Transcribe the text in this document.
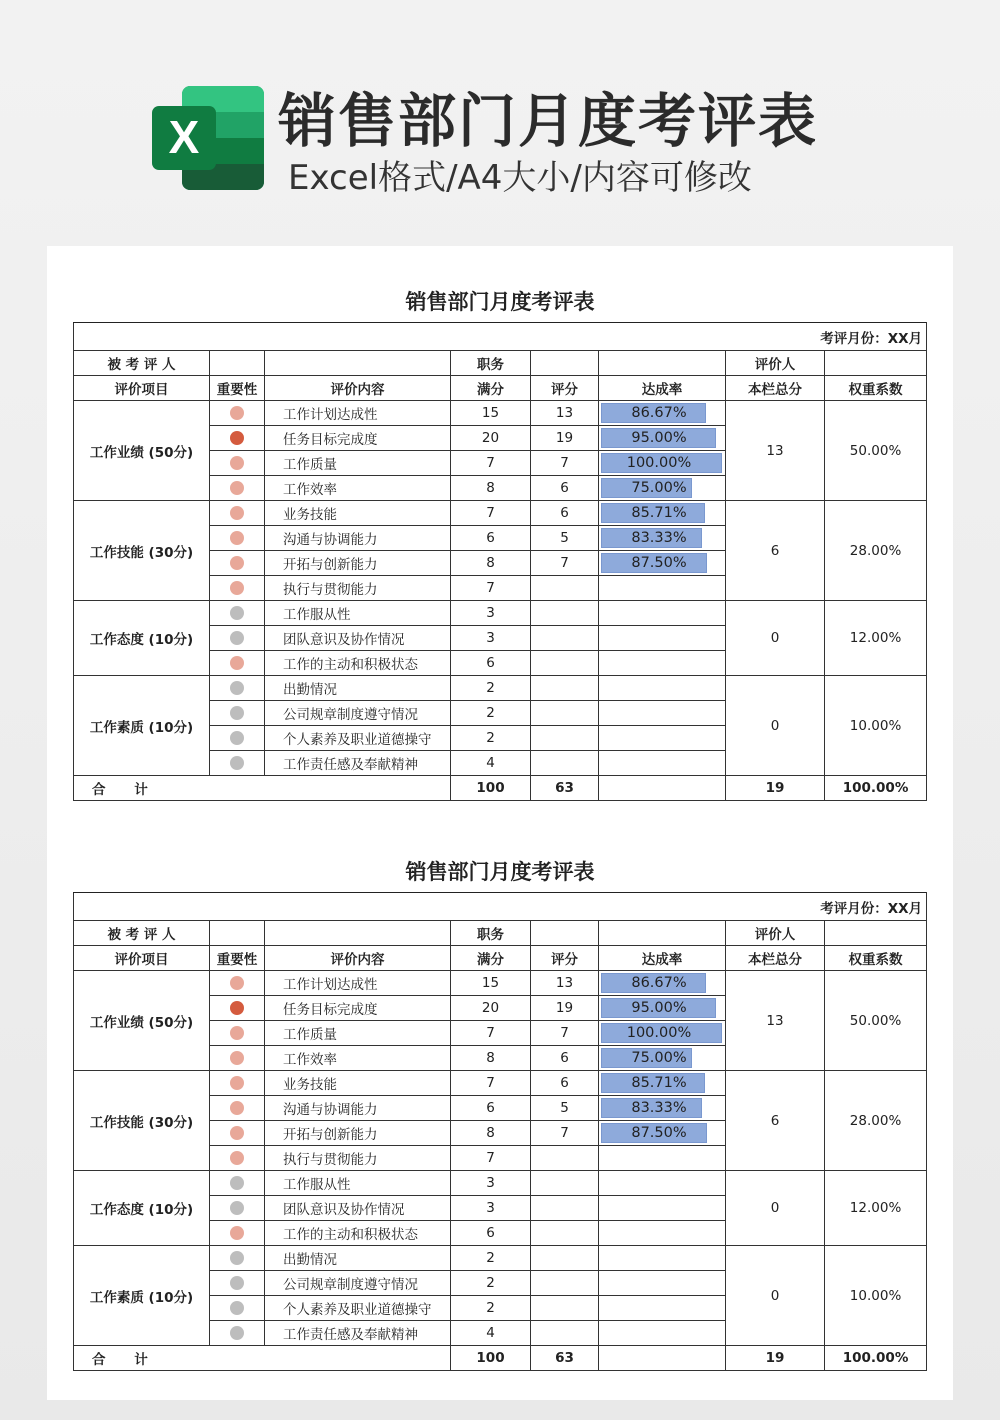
X 销售部门月度考评表

Excel格式/A4大小/内容可修改

销售部门月度考评表
考评月份：XX月							
被 考 评 人			职务			评价人	
评价项目	重要性	评价内容	满分	评分	达成率	本栏总分	权重系数
工作业绩 (50分)		工作计划达成性	15	13	86.67%	13	50.00%
		任务目标完成度	20	19	95.00%		

		工作质量	7	7	100.00%		

		工作效率	8	6	75.00%		

工作技能 (30分)		业务技能	7	6	85.71%	6	28.00%
		沟通与协调能力	6	5	83.33%		

		开拓与创新能力	8	7	87.50%		

		执行与贯彻能力	7				

工作态度 (10分)		工作服从性	3			0	12.00%
		团队意识及协作情况	3				

		工作的主动和积极状态	6				

工作素质 (10分)		出勤情况	2			0	10.00%
		公司规章制度遵守情况	2				

		个人素养及职业道德操守	2				

		工作责任感及奉献精神	4				

合 计			100	63		19	100.00%
销售部门月度考评表
考评月份：XX月							
被 考 评 人			职务			评价人	
评价项目	重要性	评价内容	满分	评分	达成率	本栏总分	权重系数
工作业绩 (50分)		工作计划达成性	15	13	86.67%	13	50.00%
		任务目标完成度	20	19	95.00%		

		工作质量	7	7	100.00%		

		工作效率	8	6	75.00%		

工作技能 (30分)		业务技能	7	6	85.71%	6	28.00%
		沟通与协调能力	6	5	83.33%		

		开拓与创新能力	8	7	87.50%		

		执行与贯彻能力	7				

工作态度 (10分)		工作服从性	3			0	12.00%
		团队意识及协作情况	3				

		工作的主动和积极状态	6				

工作素质 (10分)		出勤情况	2			0	10.00%
		公司规章制度遵守情况	2				

		个人素养及职业道德操守	2				

		工作责任感及奉献精神	4				

合 计			100	63		19	100.00%
